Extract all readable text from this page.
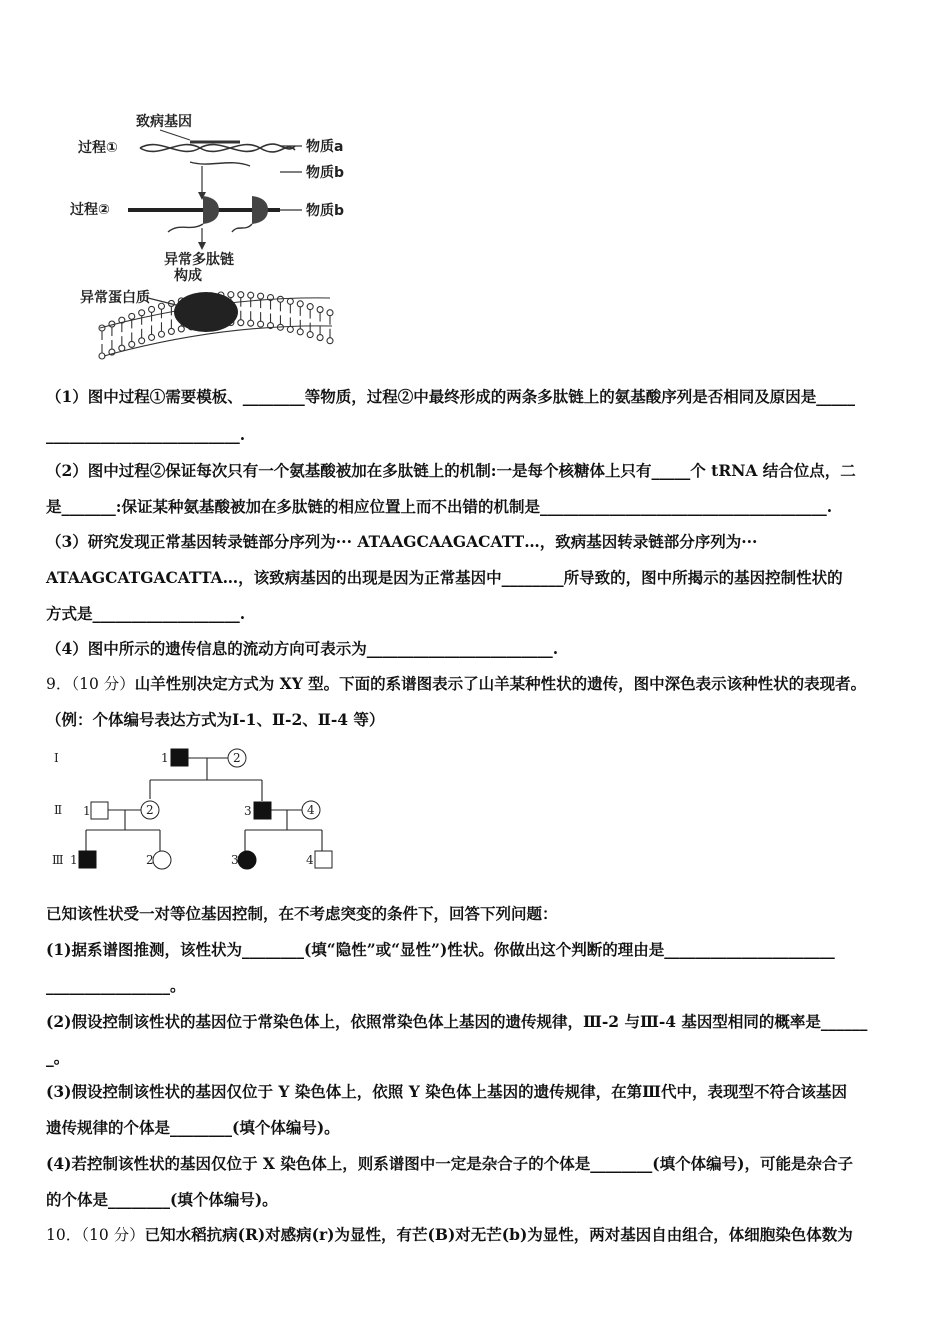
致病基因
过程①	物质a
物质b
过程②	物质b
异常多肽链
构成
异常蛋白质
（1）图中过程①需要模板、________等物质，过程②中最终形成的两条多肽链上的氨基酸序列是否相同及原因是_____
_________________________.
（2）图中过程②保证每次只有一个氨基酸被加在多肽链上的机制:一是每个核糖体上只有_____个 tRNA 结合位点，二
是_______:保证某种氨基酸被加在多肽链的相应位置上而不出错的机制是_____________________________________.
（3）研究发现正常基因转录链部分序列为··· ATAAGCAAGACATT…，致病基因转录链部分序列为···
ATAAGCATGACATTA…，该致病基因的出现是因为正常基因中________所导致的，图中所揭示的基因控制性状的
方式是___________________.
（4）图中所示的遗传信息的流动方向可表示为________________________.
9．（10 分）山羊性别决定方式为 XY 型。下面的系谱图表示了山羊某种性状的遗传，图中深色表示该种性状的表现者。
（例：个体编号表达方式为Ⅰ-1、Ⅱ-2、Ⅱ-4 等）
Ⅰ
Ⅱ
Ⅲ
1	2
1	2	3	4
1	2	3	4
已知该性状受一对等位基因控制，在不考虑突变的条件下，回答下列问题：
(1)据系谱图推测，该性状为________(填“隐性”或“显性”)性状。你做出这个判断的理由是______________________
________________。
(2)假设控制该性状的基因位于常染色体上，依照常染色体上基因的遗传规律，Ⅲ-2 与Ⅲ-4 基因型相同的概率是______
_。
(3)假设控制该性状的基因仅位于 Y 染色体上，依照 Y 染色体上基因的遗传规律，在第Ⅲ代中，表现型不符合该基因
遗传规律的个体是________(填个体编号)。
(4)若控制该性状的基因仅位于 X 染色体上，则系谱图中一定是杂合子的个体是________(填个体编号)，可能是杂合子
的个体是________(填个体编号)。
10．（10 分）已知水稻抗病(R)对感病(r)为显性，有芒(B)对无芒(b)为显性，两对基因自由组合，体细胞染色体数为
